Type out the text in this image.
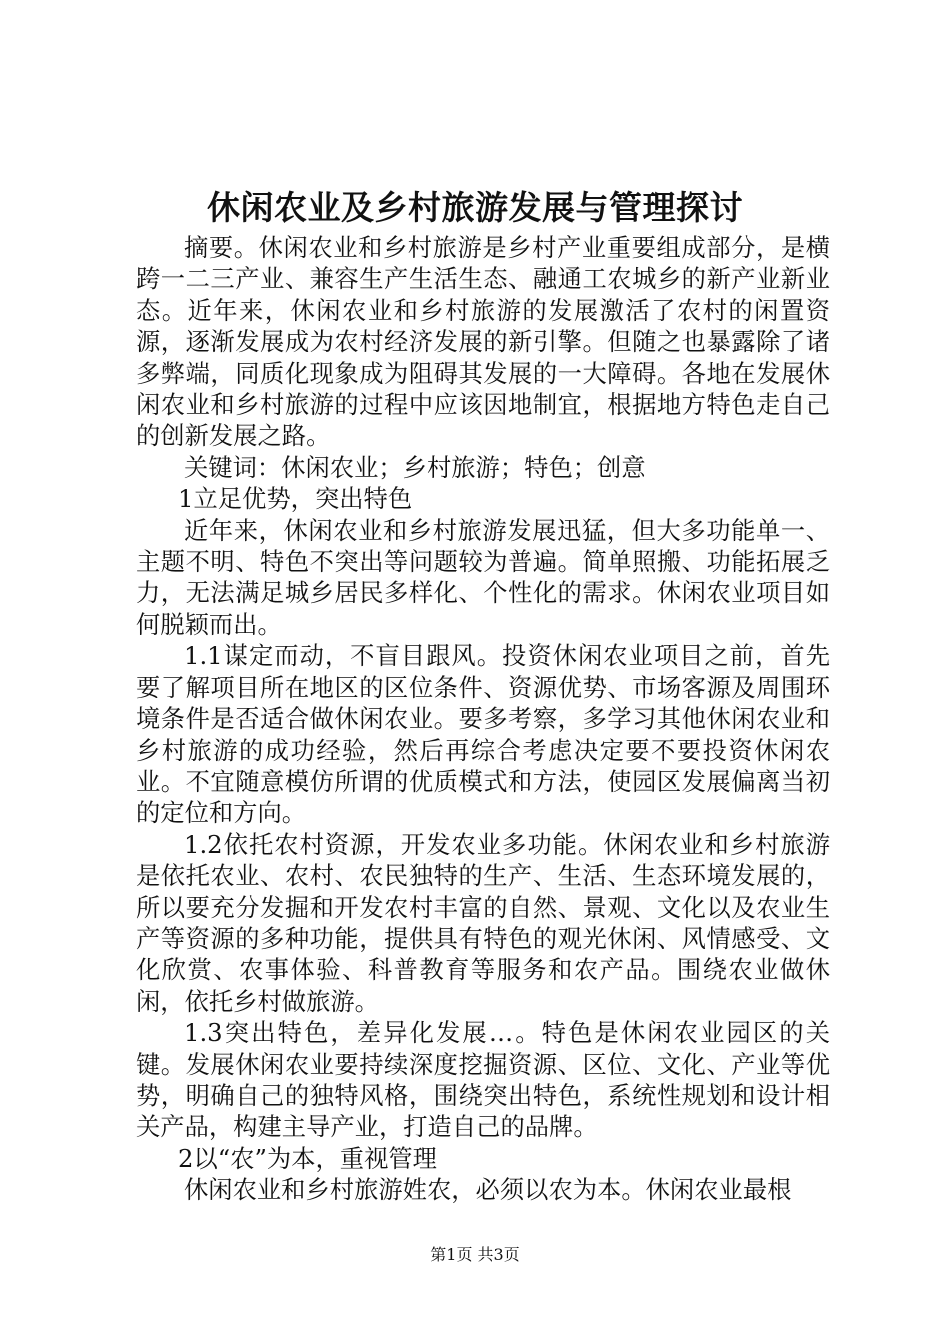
休闲农业及乡村旅游发展与管理探讨

摘要。休闲农业和乡村旅游是乡村产业重要组成部分，是横跨一二三产业、兼容生产生活生态、融通工农城乡的新产业新业态。近年来，休闲农业和乡村旅游的发展激活了农村的闲置资源，逐渐发展成为农村经济发展的新引擎。但随之也暴露除了诸多弊端，同质化现象成为阻碍其发展的一大障碍。各地在发展休闲农业和乡村旅游的过程中应该因地制宜，根据地方特色走自己的创新发展之路。

关键词：休闲农业；乡村旅游；特色；创意

1立足优势，突出特色

近年来，休闲农业和乡村旅游发展迅猛，但大多功能单一、主题不明、特色不突出等问题较为普遍。简单照搬、功能拓展乏力，无法满足城乡居民多样化、个性化的需求。休闲农业项目如何脱颖而出。

1.1谋定而动，不盲目跟风。投资休闲农业项目之前，首先要了解项目所在地区的区位条件、资源优势、市场客源及周围环境条件是否适合做休闲农业。要多考察，多学习其他休闲农业和乡村旅游的成功经验，然后再综合考虑决定要不要投资休闲农业。不宜随意模仿所谓的优质模式和方法，使园区发展偏离当初的定位和方向。

1.2依托农村资源，开发农业多功能。休闲农业和乡村旅游是依托农业、农村、农民独特的生产、生活、生态环境发展的，所以要充分发掘和开发农村丰富的自然、景观、文化以及农业生产等资源的多种功能，提供具有特色的观光休闲、风情感受、文化欣赏、农事体验、科普教育等服务和农产品。围绕农业做休闲，依托乡村做旅游。

1.3突出特色，差异化发展…。特色是休闲农业园区的关键。发展休闲农业要持续深度挖掘资源、区位、文化、产业等优势，明确自己的独特风格，围绕突出特色，系统性规划和设计相关产品，构建主导产业，打造自己的品牌。

2以“农”为本，重视管理

休闲农业和乡村旅游姓农，必须以农为本。休闲农业最根

第1页 共3页
